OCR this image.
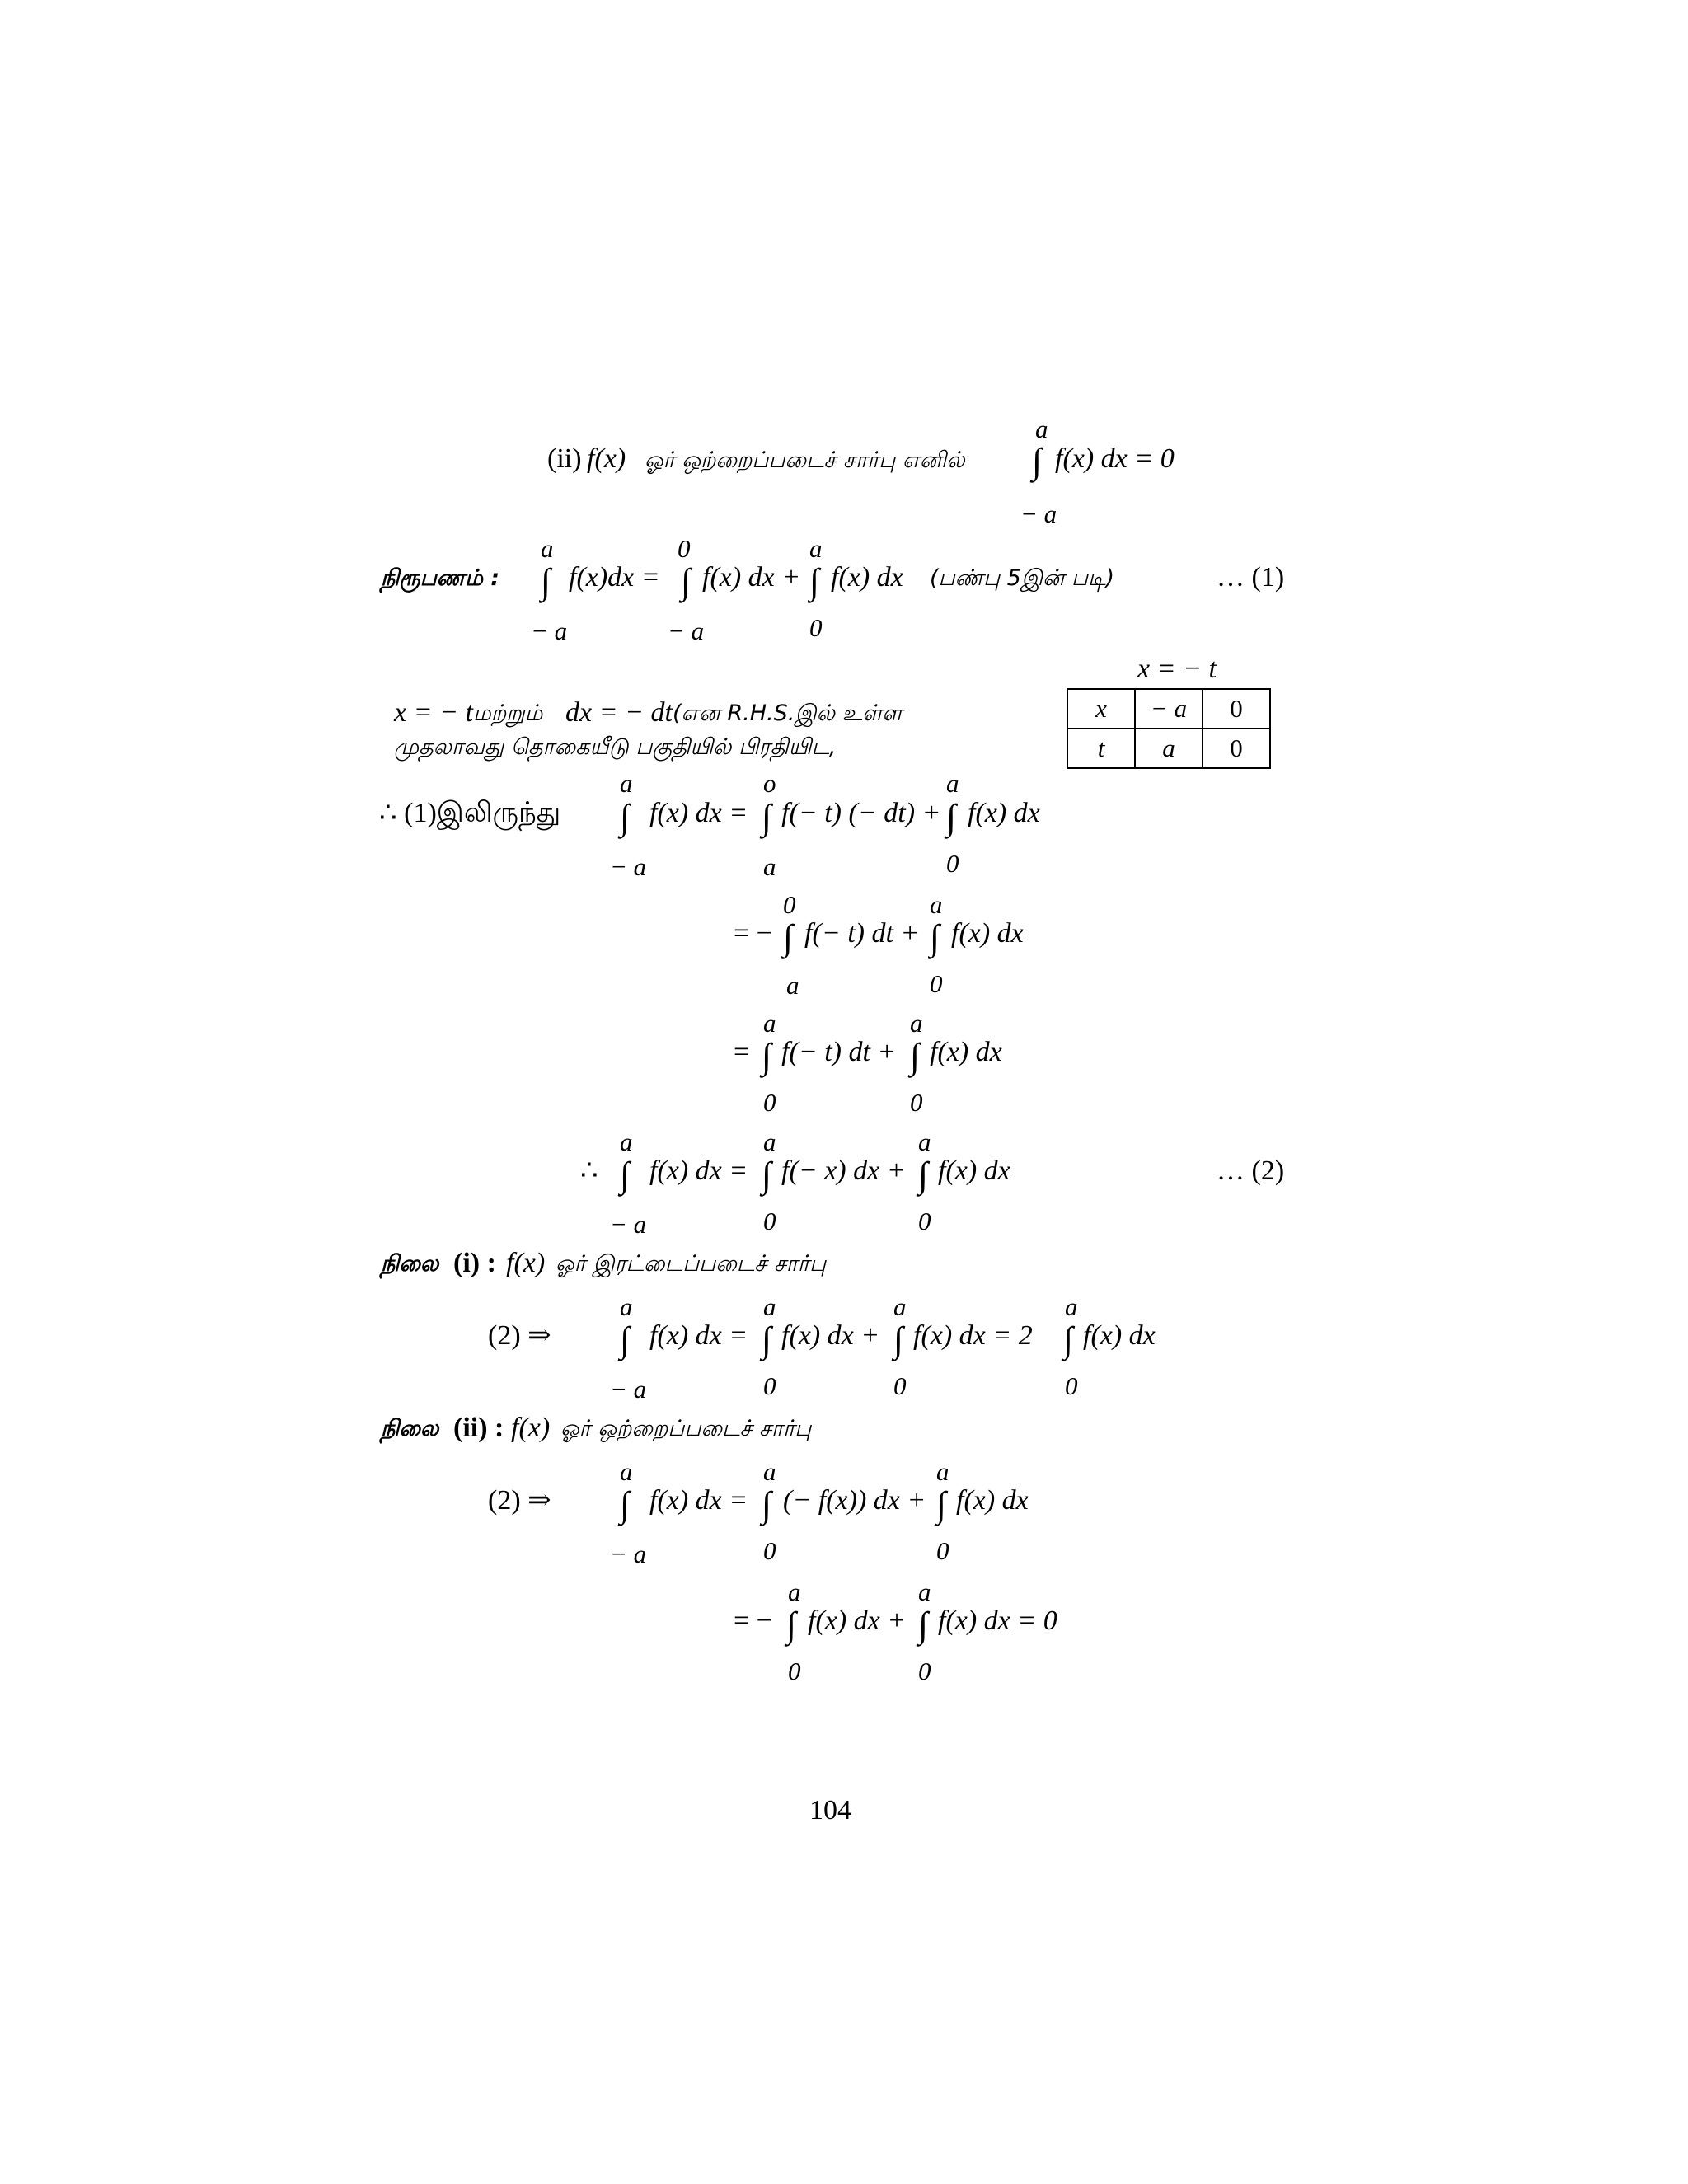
(ii) f(x) ஓர் ஒற்றைப்படைச் சார்பு எனில்
a
∫
− a
f(x) dx = 0
நிரூபணம் :
a
∫
− a
f(x)dx =
0
∫
− a
f(x) dx +
a
∫
0
f(x) dx (பண்பு 5இன் படி)	… (1)
x = − t மற்றும் dx = − dt (என R.H.S.இல் உள்ள
முதலாவது தொகையீடு பகுதியில் பிரதியிட,
x = − t
x	− a	0
t	a	0
∴ (1)இலிருந்து
a
∫
− a
f(x) dx =
o
∫
a
f(− t) (− dt) +
a
∫
0
f(x) dx
= −
0
∫
a
f(− t) dt +
a
∫
0
f(x) dx
=
a
∫
0
f(− t) dt +
a
∫
0
f(x) dx
∴
a
∫
− a
f(x) dx =
a
∫
0
f(− x) dx +
a
∫
0
f(x) dx	… (2)
நிலை (i) : f(x) ஓர் இரட்டைப்படைச் சார்பு
(2) ⇒
a
∫
− a
f(x) dx =
a
∫
0
f(x) dx +
a
∫
0
f(x) dx = 2
a
∫
0
f(x) dx
நிலை (ii) : f(x) ஓர் ஒற்றைப்படைச் சார்பு
(2) ⇒
a
∫
− a
f(x) dx =
a
∫
0
(− f(x)) dx +
a
∫
0
f(x) dx
= −
a
∫
0
f(x) dx +
a
∫
0
f(x) dx = 0
104
